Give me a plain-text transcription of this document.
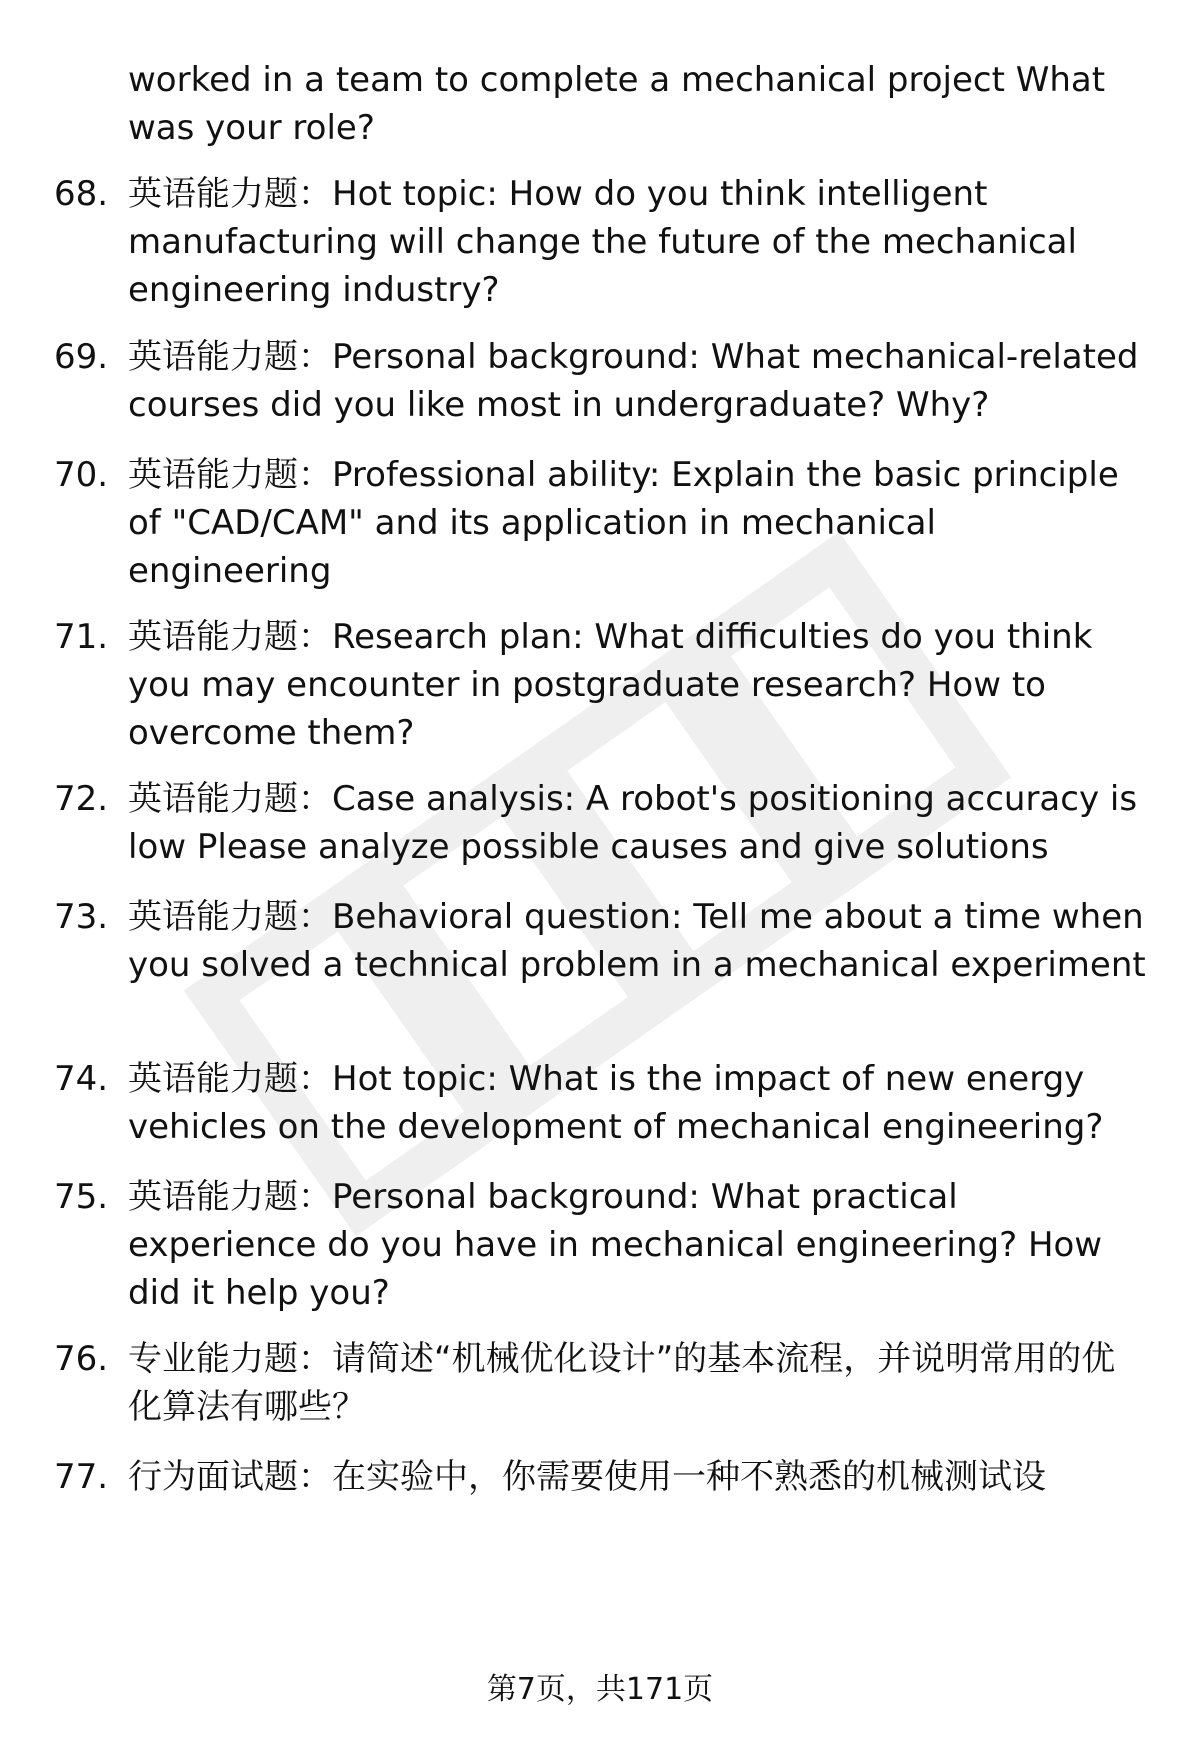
worked in a team to complete a mechanical project What was your role?
68. 英语能力题：Hot topic: How do you think intelligent manufacturing will change the future of the mechanical engineering industry?
69. 英语能力题：Personal background: What mechanical-related courses did you like most in undergraduate? Why?
70. 英语能力题：Professional ability: Explain the basic principle of "CAD/CAM" and its application in mechanical engineering
71. 英语能力题：Research plan: What difficulties do you think you may encounter in postgraduate research? How to overcome them?
72. 英语能力题：Case analysis: A robot's positioning accuracy is low Please analyze possible causes and give solutions
73. 英语能力题：Behavioral question: Tell me about a time when you solved a technical problem in a mechanical experiment
74. 英语能力题：Hot topic: What is the impact of new energy vehicles on the development of mechanical engineering?
75. 英语能力题：Personal background: What practical experience do you have in mechanical engineering? How did it help you?
76. 专业能力题：请简述“机械优化设计”的基本流程，并说明常用的优化算法有哪些？
77. 行为面试题：在实验中，你需要使用一种不熟悉的机械测试设
第7页，共171页
